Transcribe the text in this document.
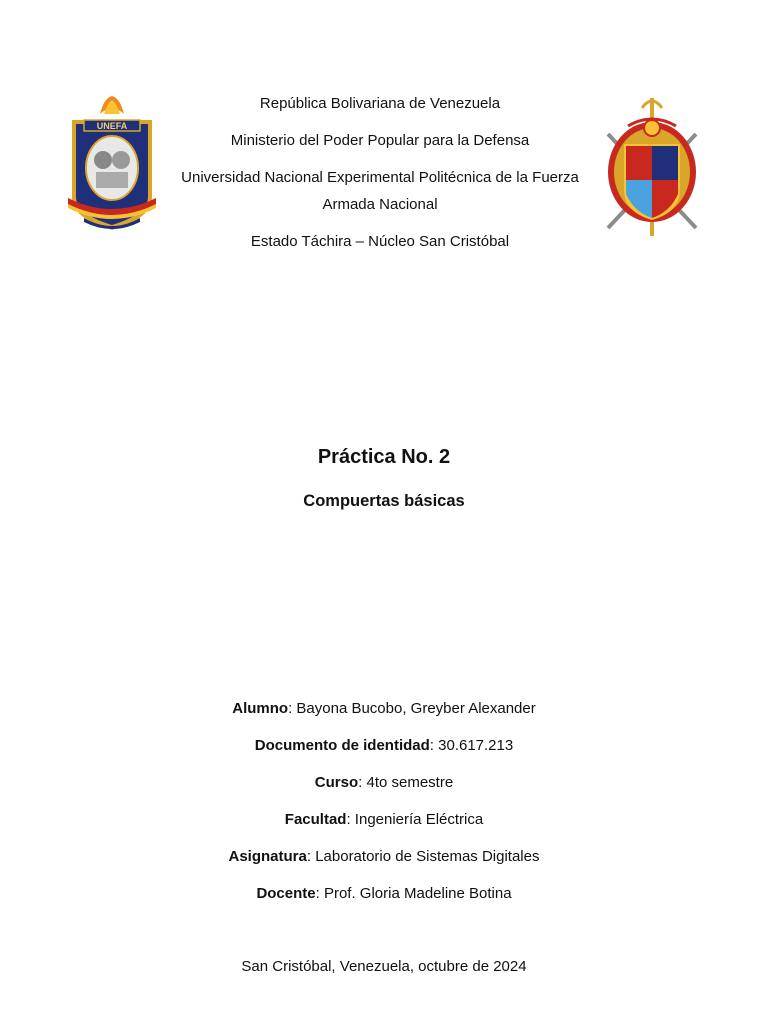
UNEFA

República Bolivariana de Venezuela

Ministerio del Poder Popular para la Defensa

Universidad Nacional Experimental Politécnica de la Fuerza Armada Nacional

Estado Táchira – Núcleo San Cristóbal

Práctica No. 2
Compuertas básicas
Alumno: Bayona Bucobo, Greyber Alexander
Documento de identidad: 30.617.213
Curso: 4to semestre
Facultad: Ingeniería Eléctrica
Asignatura: Laboratorio de Sistemas Digitales
Docente: Prof. Gloria Madeline Botina
San Cristóbal, Venezuela, octubre de 2024
